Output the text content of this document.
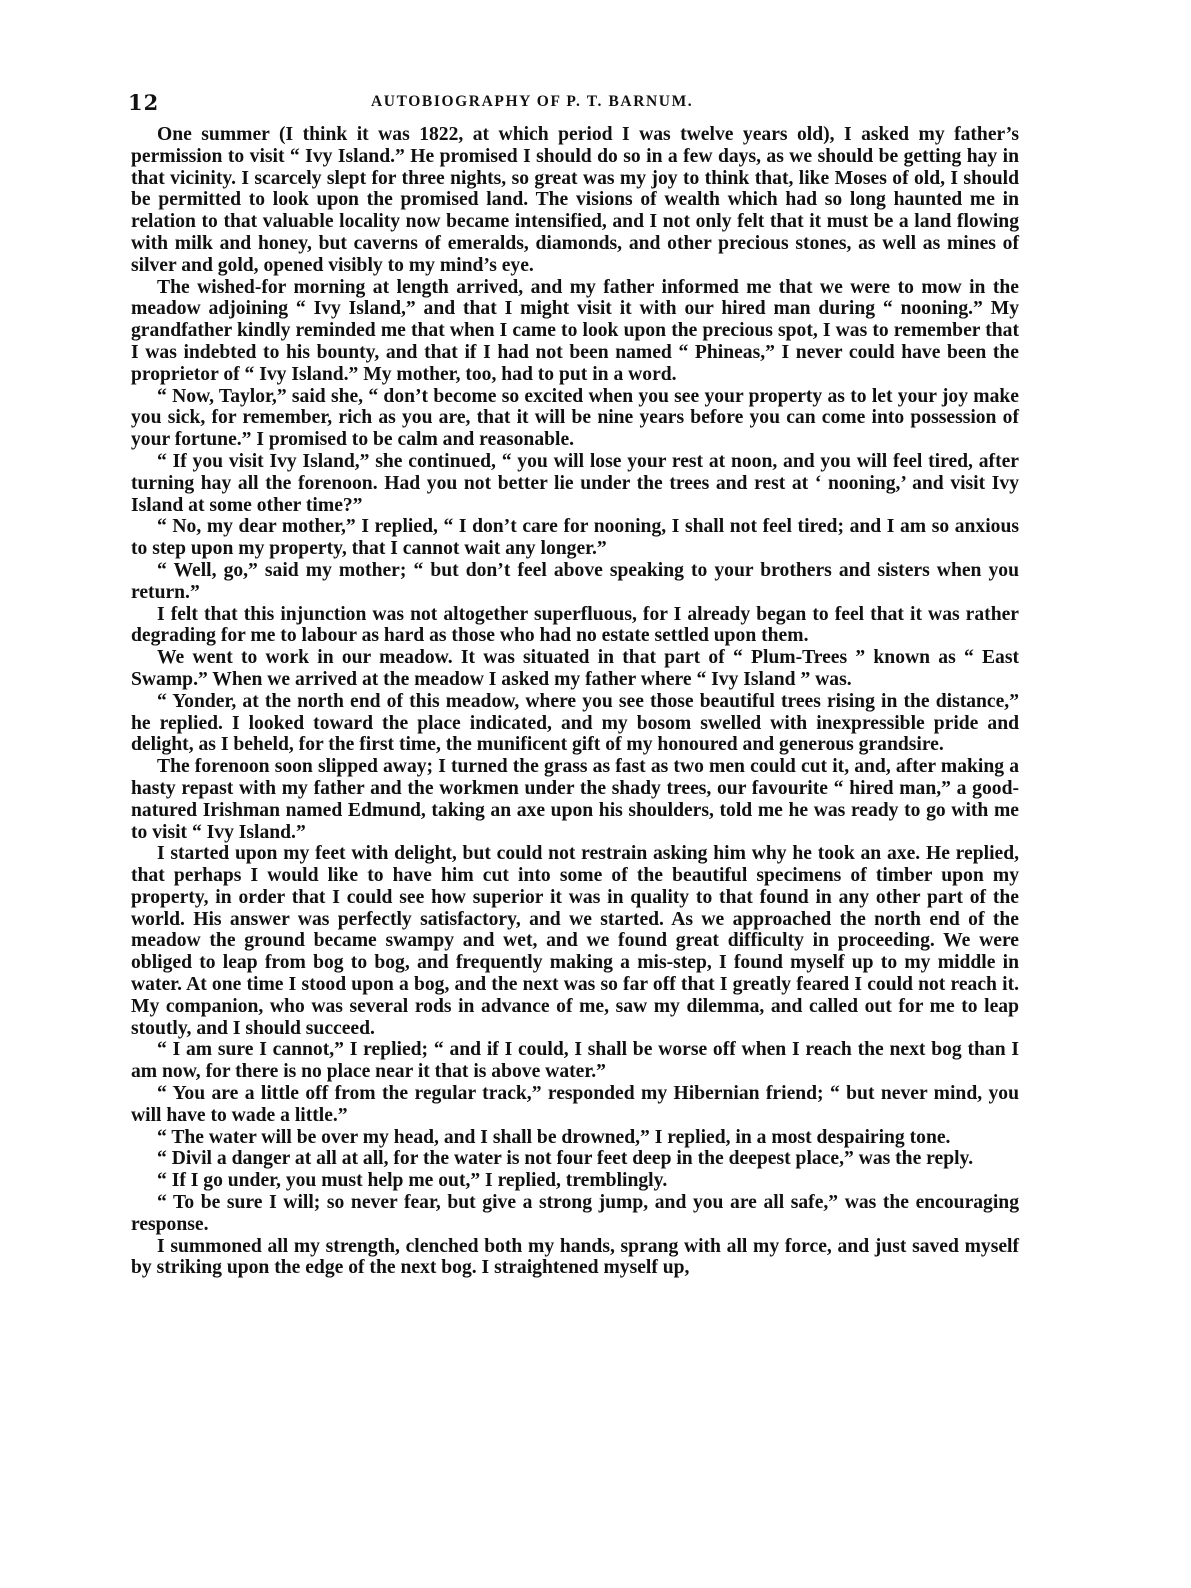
12	AUTOBIOGRAPHY OF P. T. BARNUM.

One summer (I think it was 1822, at which period I was twelve years old), I asked my father’s permission to visit “ Ivy Island.” He promised I should do so in a few days, as we should be getting hay in that vicinity. I scarcely slept for three nights, so great was my joy to think that, like Moses of old, I should be permitted to look upon the promised land. The visions of wealth which had so long haunted me in relation to that valuable locality now became intensified, and I not only felt that it must be a land flowing with milk and honey, but caverns of emeralds, diamonds, and other precious stones, as well as mines of silver and gold, opened visibly to my mind’s eye.

The wished-for morning at length arrived, and my father informed me that we were to mow in the meadow adjoining “ Ivy Island,” and that I might visit it with our hired man during “ nooning.” My grandfather kindly reminded me that when I came to look upon the precious spot, I was to remember that I was indebted to his bounty, and that if I had not been named “ Phineas,” I never could have been the proprietor of “ Ivy Island.” My mother, too, had to put in a word.

“ Now, Taylor,” said she, “ don’t become so excited when you see your property as to let your joy make you sick, for remember, rich as you are, that it will be nine years before you can come into possession of your fortune.” I promised to be calm and reasonable.

“ If you visit Ivy Island,” she continued, “ you will lose your rest at noon, and you will feel tired, after turning hay all the forenoon. Had you not better lie under the trees and rest at ‘ nooning,’ and visit Ivy Island at some other time?”

“ No, my dear mother,” I replied, “ I don’t care for nooning, I shall not feel tired; and I am so anxious to step upon my property, that I cannot wait any longer.”

“ Well, go,” said my mother; “ but don’t feel above speaking to your brothers and sisters when you return.”

I felt that this injunction was not altogether superfluous, for I already began to feel that it was rather degrading for me to labour as hard as those who had no estate settled upon them.

We went to work in our meadow. It was situated in that part of “ Plum-Trees ” known as “ East Swamp.” When we arrived at the meadow I asked my father where “ Ivy Island ” was.

“ Yonder, at the north end of this meadow, where you see those beautiful trees rising in the distance,” he replied. I looked toward the place indicated, and my bosom swelled with inexpressible pride and delight, as I beheld, for the first time, the munificent gift of my honoured and generous grandsire.

The forenoon soon slipped away; I turned the grass as fast as two men could cut it, and, after making a hasty repast with my father and the workmen under the shady trees, our favourite “ hired man,” a good-natured Irishman named Edmund, taking an axe upon his shoulders, told me he was ready to go with me to visit “ Ivy Island.”

I started upon my feet with delight, but could not restrain asking him why he took an axe. He replied, that perhaps I would like to have him cut into some of the beautiful specimens of timber upon my property, in order that I could see how superior it was in quality to that found in any other part of the world. His answer was perfectly satisfactory, and we started. As we approached the north end of the meadow the ground became swampy and wet, and we found great difficulty in proceeding. We were obliged to leap from bog to bog, and frequently making a mis-step, I found myself up to my middle in water. At one time I stood upon a bog, and the next was so far off that I greatly feared I could not reach it. My companion, who was several rods in advance of me, saw my dilemma, and called out for me to leap stoutly, and I should succeed.

“ I am sure I cannot,” I replied; “ and if I could, I shall be worse off when I reach the next bog than I am now, for there is no place near it that is above water.”

“ You are a little off from the regular track,” responded my Hibernian friend; “ but never mind, you will have to wade a little.”

“ The water will be over my head, and I shall be drowned,” I replied, in a most despairing tone.

“ Divil a danger at all at all, for the water is not four feet deep in the deepest place,” was the reply.

“ If I go under, you must help me out,” I replied, tremblingly.

“ To be sure I will; so never fear, but give a strong jump, and you are all safe,” was the encouraging response.

I summoned all my strength, clenched both my hands, sprang with all my force, and just saved myself by striking upon the edge of the next bog. I straightened myself up,
